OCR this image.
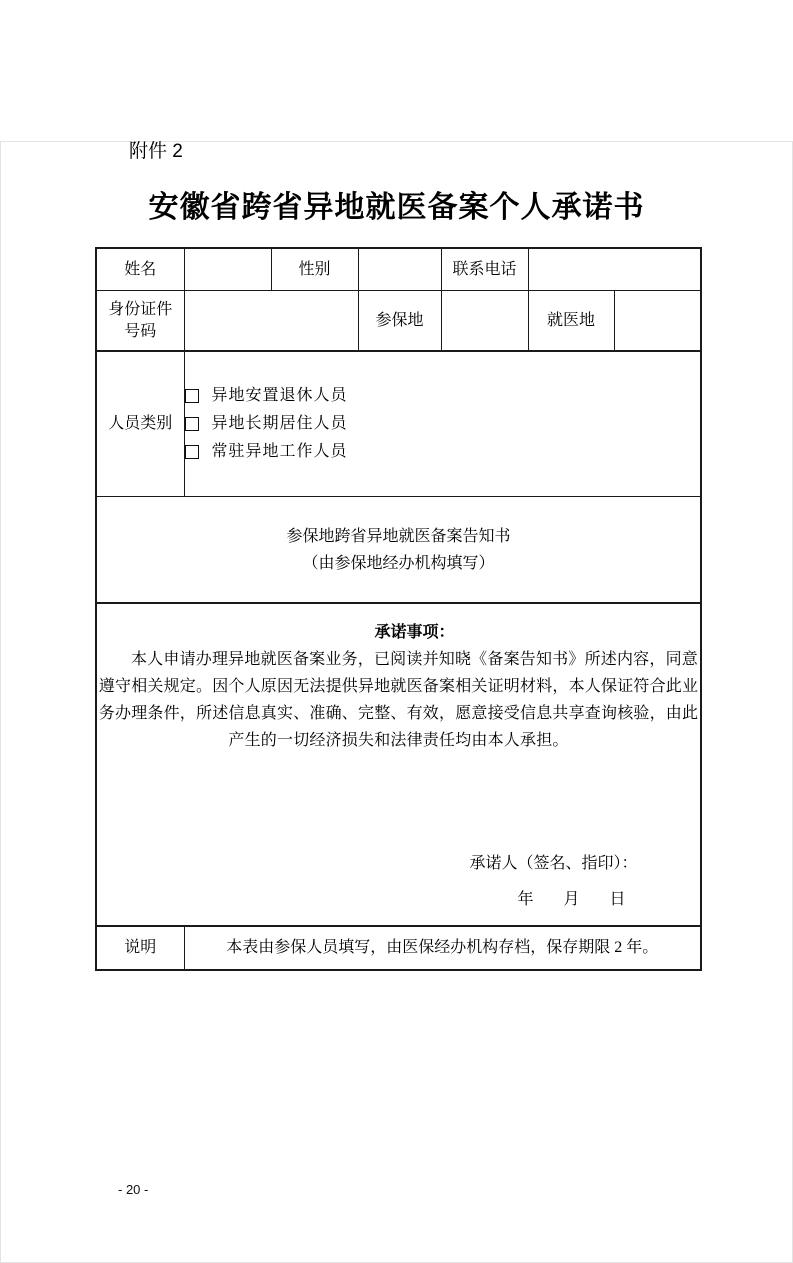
附件 2
安徽省跨省异地就医备案个人承诺书
姓名		性别		联系电话		

身份证件号码			参保地		就医地	
人员类别	异地安置退休人员
异地长期居住人员
常驻异地工作人员					

参保地跨省异地就医备案告知书
（由参保地经办机构填写）						

承诺事项：
本人申请办理异地就医备案业务，已阅读并知晓《备案告知书》所述内容，同意
遵守相关规定。因个人原因无法提供异地就医备案相关证明材料，本人保证符合此业
务办理条件，所述信息真实、准确、完整、有效，愿意接受信息共享查询核验，由此
产生的一切经济损失和法律责任均由本人承担。
承诺人（签名、指印）：
年 月 日

说明	本表由参保人员填写，由医保经办机构存档，保存期限 2 年。					
- 20 -
